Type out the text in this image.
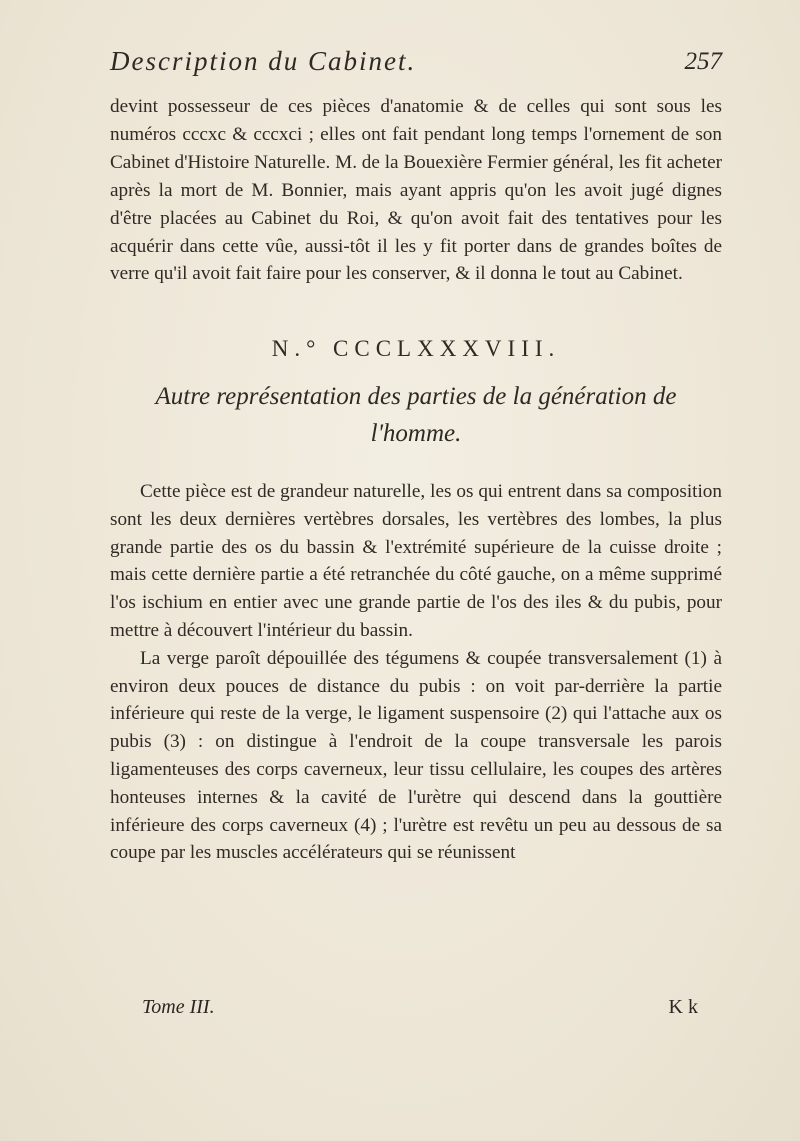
Description du Cabinet.	257

devint possesseur de ces pièces d'anatomie & de celles qui sont sous les numéros cccxc & cccxci ; elles ont fait pendant long temps l'ornement de son Cabinet d'Histoire Naturelle. M. de la Bouexière Fermier général, les fit acheter après la mort de M. Bonnier, mais ayant appris qu'on les avoit jugé dignes d'être placées au Cabinet du Roi, & qu'on avoit fait des tentatives pour les acquérir dans cette vûe, aussi-tôt il les y fit porter dans de grandes boîtes de verre qu'il avoit fait faire pour les conserver, & il donna le tout au Cabinet.

N.° CCCLXXXVIII.
Autre représentation des parties de la génération de l'homme.

Cette pièce est de grandeur naturelle, les os qui entrent dans sa composition sont les deux dernières vertèbres dorsales, les vertèbres des lombes, la plus grande partie des os du bassin & l'extrémité supérieure de la cuisse droite ; mais cette dernière partie a été retranchée du côté gauche, on a même supprimé l'os ischium en entier avec une grande partie de l'os des iles & du pubis, pour mettre à découvert l'intérieur du bassin.

La verge paroît dépouillée des tégumens & coupée transversalement (1) à environ deux pouces de distance du pubis : on voit par-derrière la partie inférieure qui reste de la verge, le ligament suspensoire (2) qui l'attache aux os pubis (3) : on distingue à l'endroit de la coupe transversale les parois ligamenteuses des corps caverneux, leur tissu cellulaire, les coupes des artères honteuses internes & la cavité de l'urètre qui descend dans la gouttière inférieure des corps caverneux (4) ; l'urètre est revêtu un peu au dessous de sa coupe par les muscles accélérateurs qui se réunissent

Tome III.	K k
